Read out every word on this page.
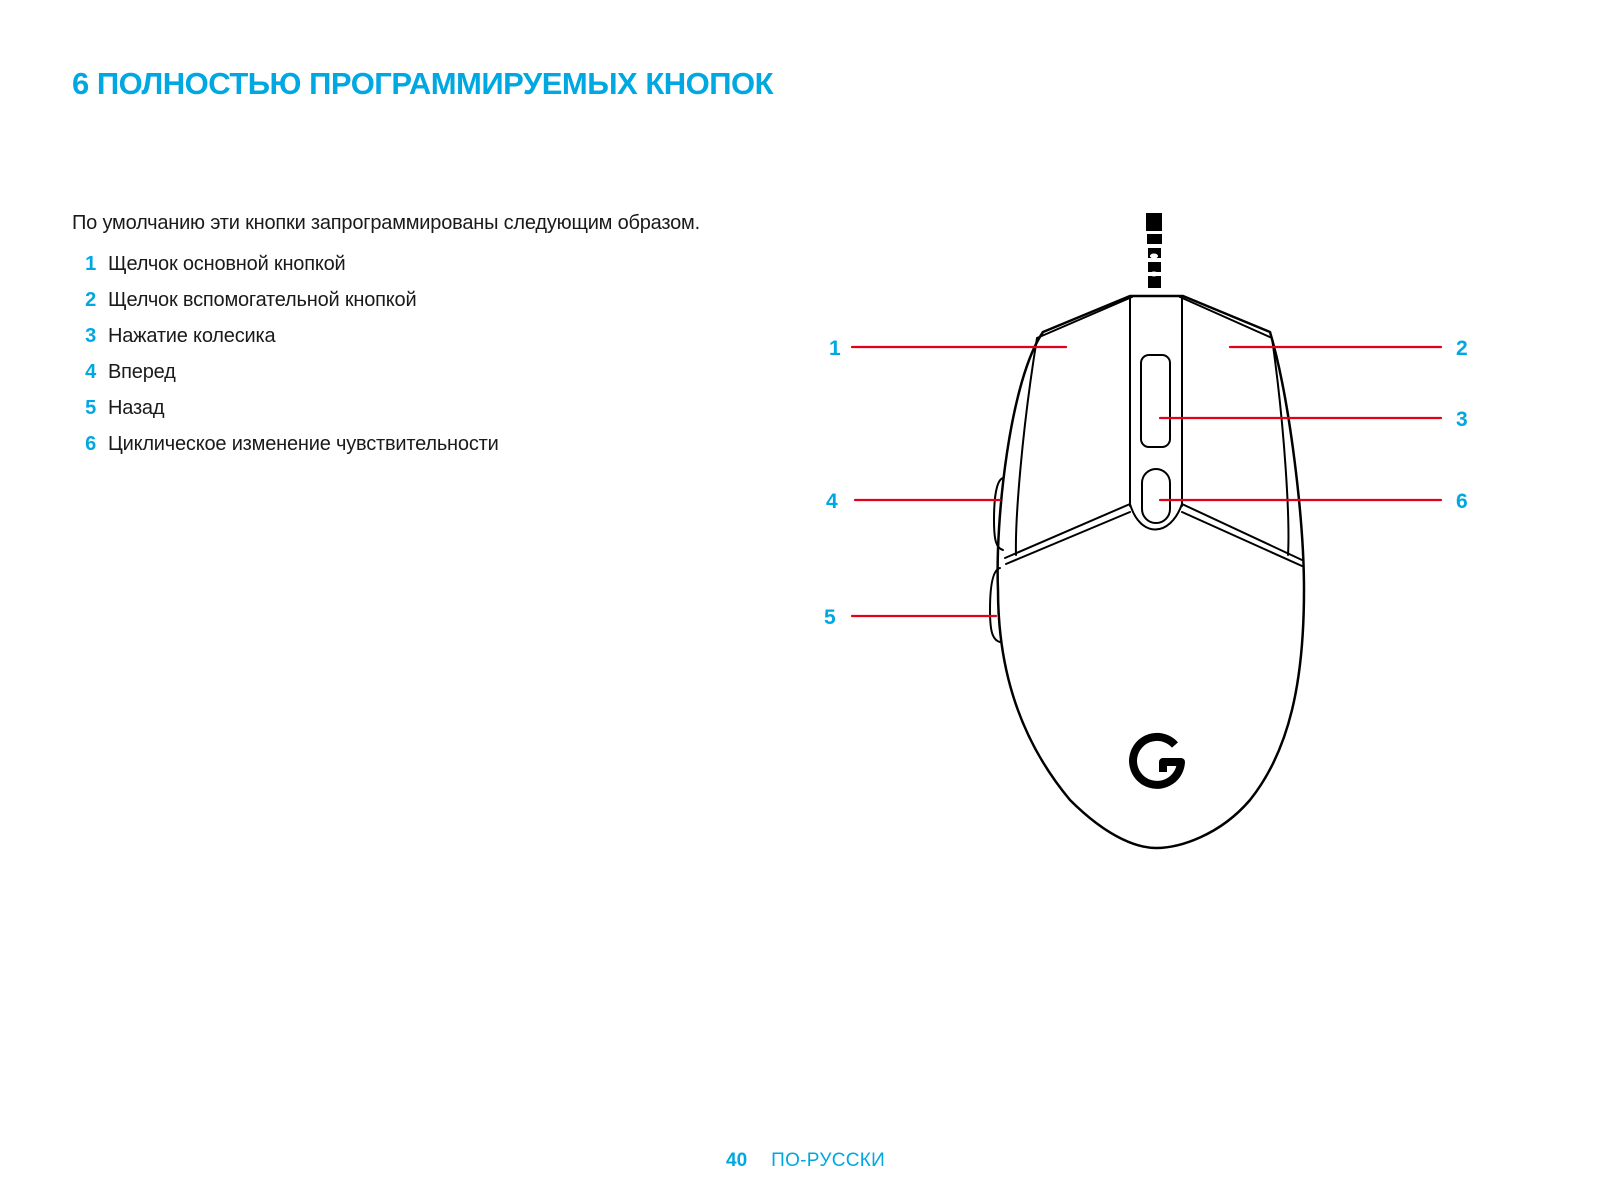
6 ПОЛНОСТЬЮ ПРОГРАММИРУЕМЫХ КНОПОК

По умолчанию эти кнопки запрограммированы следующим образом.

1 Щелчок основной кнопкой
2 Щелчок вспомогательной кнопкой
3 Нажатие колесика
4 Вперед
5 Назад
6 Циклическое изменение чувствительности
1	2
3
4	6
5
40 ПО-РУССКИ
